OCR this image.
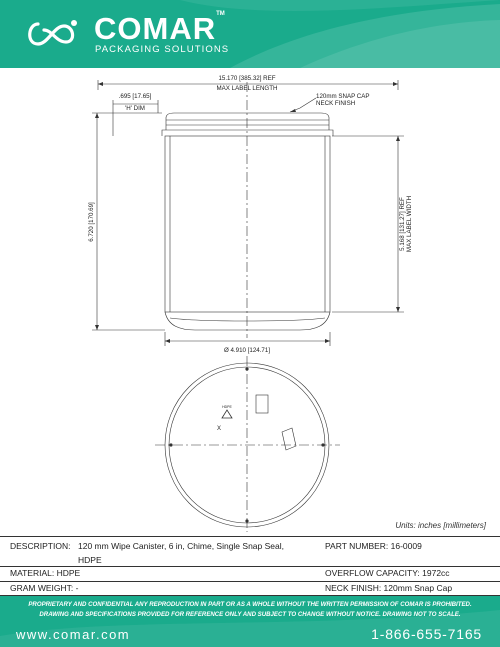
COMAR™
PACKAGING SOLUTIONS
15.170 [385.32] REF
MAX LABEL LENGTH
.695 [17.65]
'H' DIM
120mm SNAP CAP
NECK FINISH
6.720 [170.69]	5.168 [131.27] REF MAX LABEL WIDTH
Ø 4.910 [124.71]
HDPE
X
Units: inches [millimeters]
DESCRIPTION: 120 mm Wipe Canister, 6 in, Chime, Single Snap Seal,
HDPE
PART NUMBER: 16-0009
MATERIAL: HDPE	OVERFLOW CAPACITY: 1972cc
GRAM WEIGHT: -	NECK FINISH: 120mm Snap Cap
PROPRIETARY AND CONFIDENTIAL ANY REPRODUCTION IN PART OR AS A WHOLE WITHOUT THE WRITTEN PERMISSION OF COMAR IS PROHIBITED.
DRAWING AND SPECIFICATIONS PROVIDED FOR REFERENCE ONLY AND SUBJECT TO CHANGE WITHOUT NOTICE. DRAWING NOT TO SCALE.
www.comar.com	1-866-655-7165
